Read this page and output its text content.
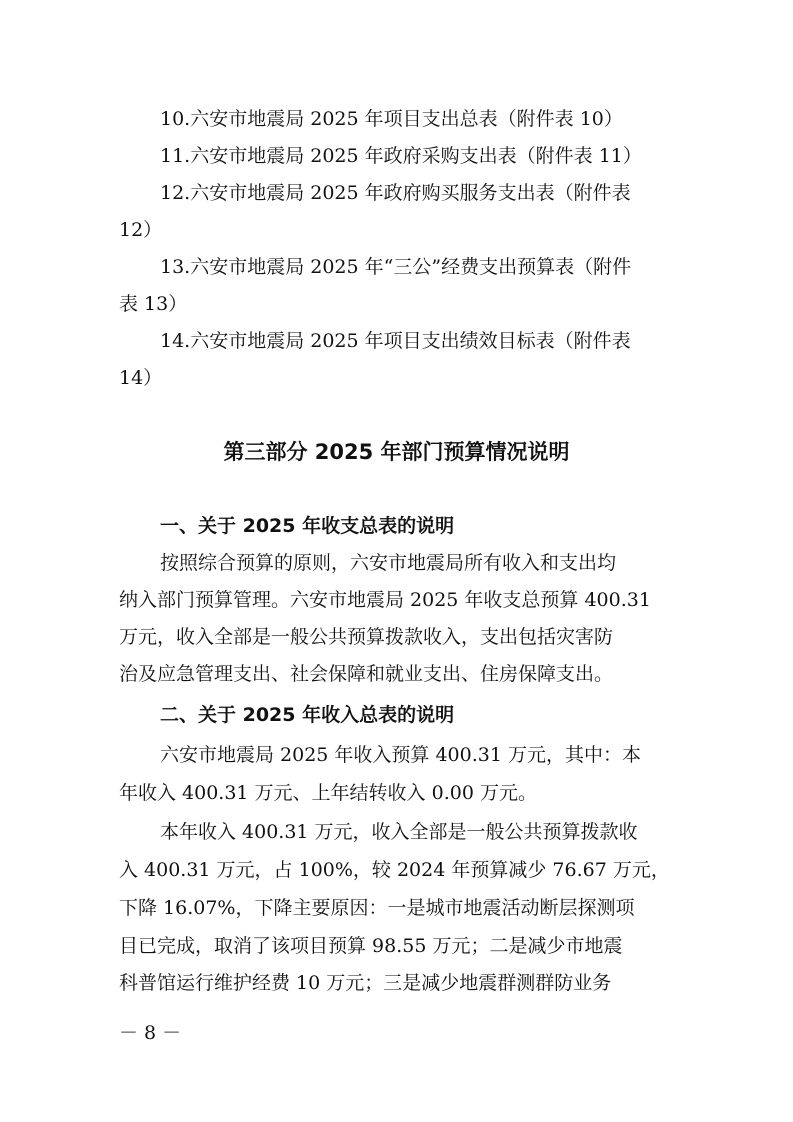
10.六安市地震局 2025 年项目支出总表（附件表 10）
11.六安市地震局 2025 年政府采购支出表（附件表 11）
12.六安市地震局 2025 年政府购买服务支出表（附件表
12）
13.六安市地震局 2025 年“三公”经费支出预算表（附件
表 13）
14.六安市地震局 2025 年项目支出绩效目标表（附件表
14）
第三部分 2025 年部门预算情况说明
一、关于 2025 年收支总表的说明
按照综合预算的原则，六安市地震局所有收入和支出均
纳入部门预算管理。六安市地震局 2025 年收支总预算 400.31
万元，收入全部是一般公共预算拨款收入，支出包括灾害防
治及应急管理支出、社会保障和就业支出、住房保障支出。
二、关于 2025 年收入总表的说明
六安市地震局 2025 年收入预算 400.31 万元，其中：本
年收入 400.31 万元、上年结转收入 0.00 万元。
本年收入 400.31 万元，收入全部是一般公共预算拨款收
入 400.31 万元，占 100%，较 2024 年预算减少 76.67 万元，
下降 16.07%，下降主要原因：一是城市地震活动断层探测项
目已完成，取消了该项目预算 98.55 万元；二是减少市地震
科普馆运行维护经费 10 万元；三是减少地震群测群防业务
－ 8 －
